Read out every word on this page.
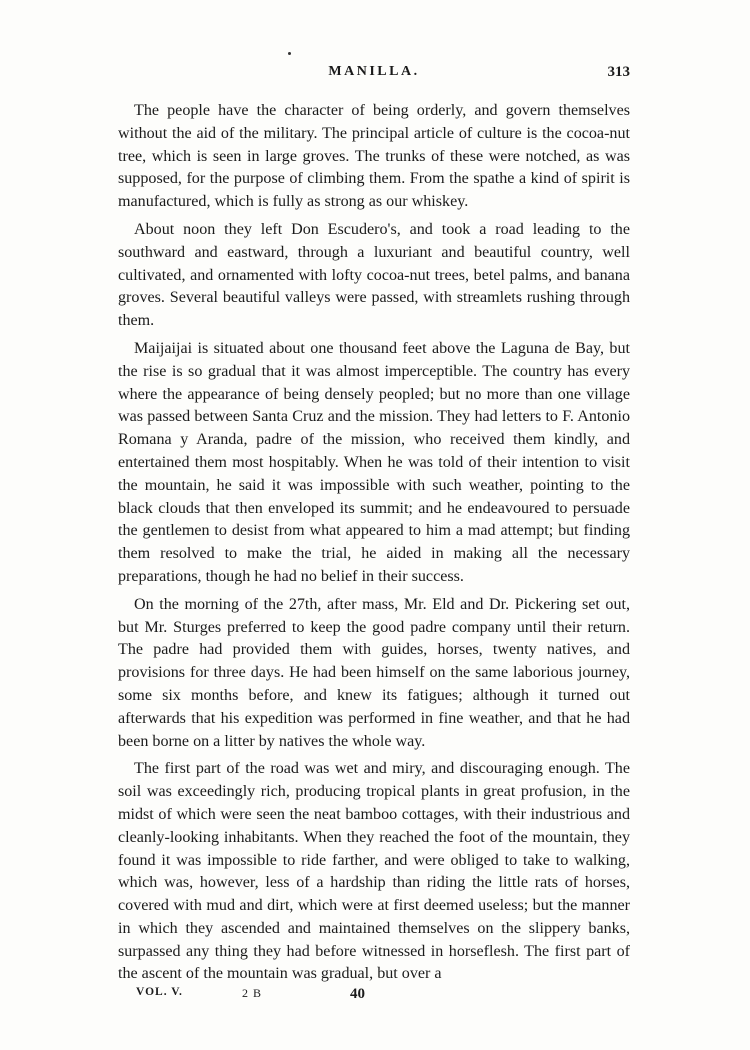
MANILLA.	313

The people have the character of being orderly, and govern themselves without the aid of the military. The principal article of culture is the cocoa-nut tree, which is seen in large groves. The trunks of these were notched, as was supposed, for the purpose of climbing them. From the spathe a kind of spirit is manufactured, which is fully as strong as our whiskey.

About noon they left Don Escudero's, and took a road leading to the southward and eastward, through a luxuriant and beautiful country, well cultivated, and ornamented with lofty cocoa-nut trees, betel palms, and banana groves. Several beautiful valleys were passed, with streamlets rushing through them.

Maijaijai is situated about one thousand feet above the Laguna de Bay, but the rise is so gradual that it was almost imperceptible. The country has every where the appearance of being densely peopled; but no more than one village was passed between Santa Cruz and the mission. They had letters to F. Antonio Romana y Aranda, padre of the mission, who received them kindly, and entertained them most hospitably. When he was told of their intention to visit the mountain, he said it was impossible with such weather, pointing to the black clouds that then enveloped its summit; and he endeavoured to persuade the gentlemen to desist from what appeared to him a mad attempt; but finding them resolved to make the trial, he aided in making all the necessary preparations, though he had no belief in their success.

On the morning of the 27th, after mass, Mr. Eld and Dr. Pickering set out, but Mr. Sturges preferred to keep the good padre company until their return. The padre had provided them with guides, horses, twenty natives, and provisions for three days. He had been himself on the same laborious journey, some six months before, and knew its fatigues; although it turned out afterwards that his expedition was performed in fine weather, and that he had been borne on a litter by natives the whole way.

The first part of the road was wet and miry, and discouraging enough. The soil was exceedingly rich, producing tropical plants in great profusion, in the midst of which were seen the neat bamboo cottages, with their industrious and cleanly-looking inhabitants. When they reached the foot of the mountain, they found it was impossible to ride farther, and were obliged to take to walking, which was, however, less of a hardship than riding the little rats of horses, covered with mud and dirt, which were at first deemed useless; but the manner in which they ascended and maintained themselves on the slippery banks, surpassed any thing they had before witnessed in horseflesh. The first part of the ascent of the mountain was gradual, but over a

VOL. V.	2 B	40
